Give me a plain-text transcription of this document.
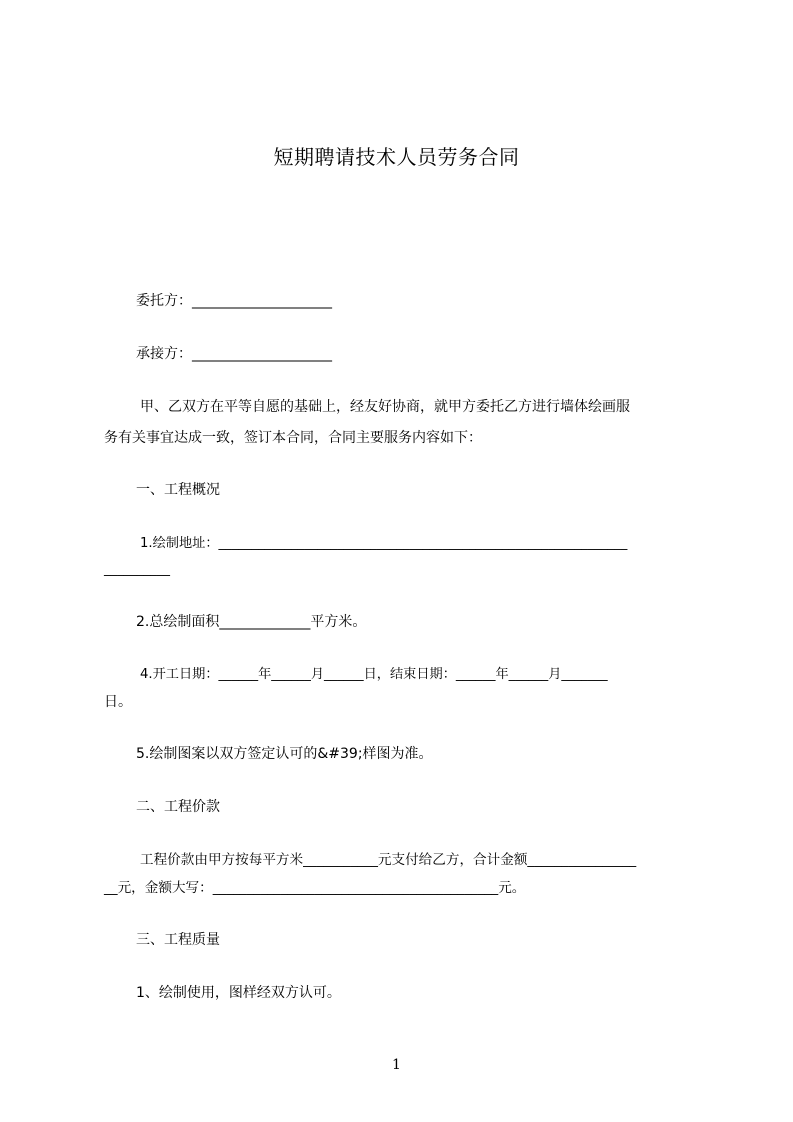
短期聘请技术人员劳务合同
委托方：____________________
承接方：____________________
甲、乙双方在平等自愿的基础上，经友好协商，就甲方委托乙方进行墙体绘画服
务有关事宜达成一致，签订本合同，合同主要服务内容如下：
一、工程概况
1.绘制地址：______________________________________________________________
__________
2.总绘制面积_____________平方米。
4.开工日期：______年______月______日，结束日期：______年______月_______
日。
5.绘制图案以双方签定认可的&#39;样图为准。
二、工程价款
工程价款由甲方按每平方米___________元支付给乙方，合计金额________________
__元，金额大写：__________________________________________元。
三、工程质量
1、绘制使用，图样经双方认可。
1
